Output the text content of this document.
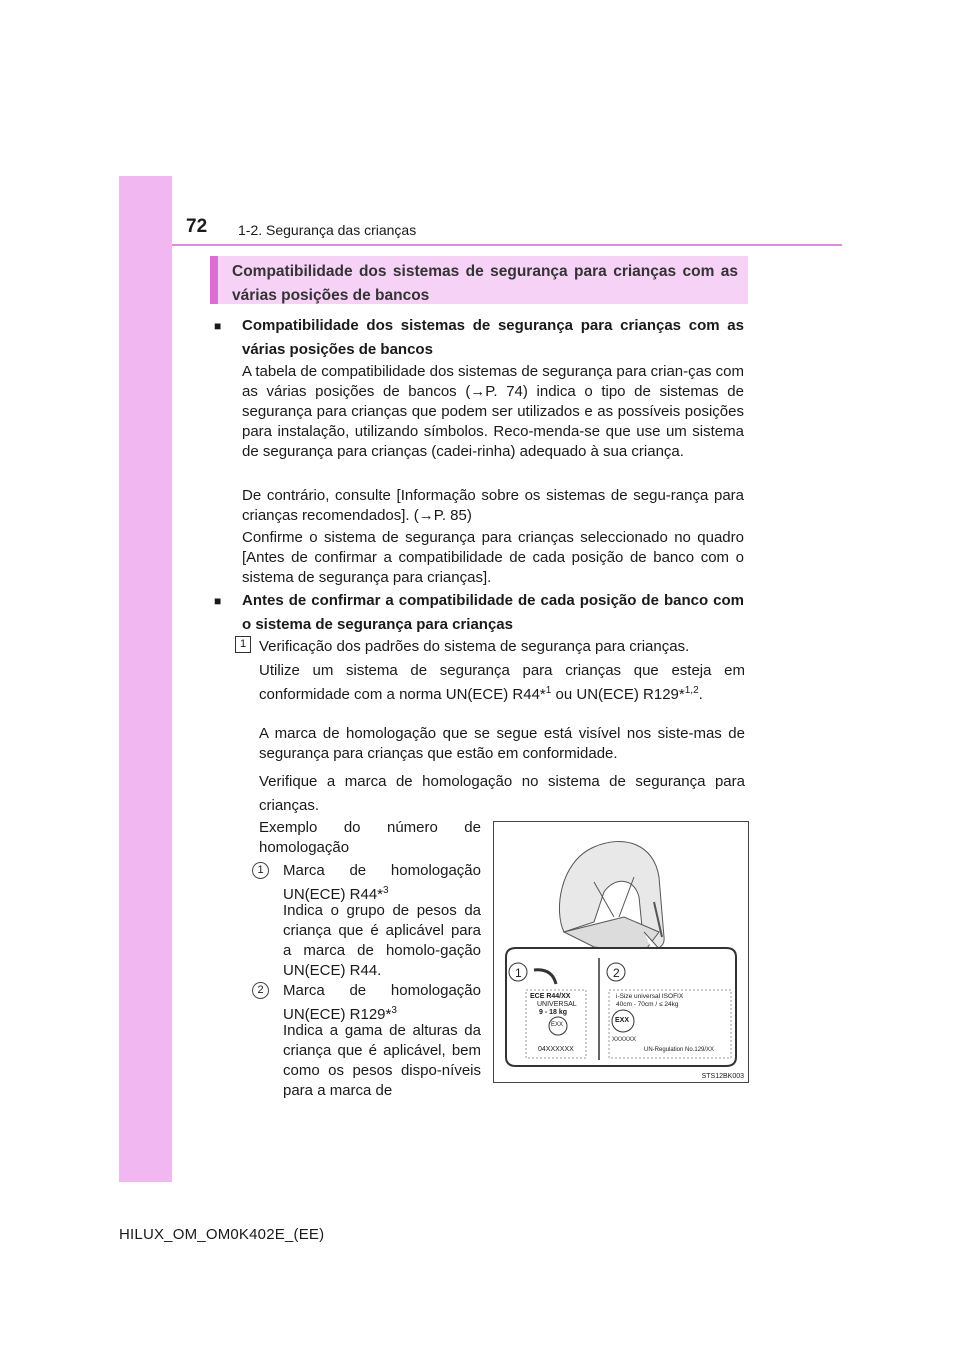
72 1-2. Segurança das crianças
Compatibilidade dos sistemas de segurança para crianças com as várias posições de bancos
■ Compatibilidade dos sistemas de segurança para crianças com as várias posições de bancos
A tabela de compatibilidade dos sistemas de segurança para crian-ças com as várias posições de bancos (→P. 74) indica o tipo de sistemas de segurança para crianças que podem ser utilizados e as possíveis posições para instalação, utilizando símbolos. Reco-menda-se que use um sistema de segurança para crianças (cadei-rinha) adequado à sua criança.
De contrário, consulte [Informação sobre os sistemas de segu-rança para crianças recomendados]. (→P. 85)
Confirme o sistema de segurança para crianças seleccionado no quadro [Antes de confirmar a compatibilidade de cada posição de banco com o sistema de segurança para crianças].
■ Antes de confirmar a compatibilidade de cada posição de banco com o sistema de segurança para crianças
1 Verificação dos padrões do sistema de segurança para crianças.
Utilize um sistema de segurança para crianças que esteja em conformidade com a norma UN(ECE) R44*$^1$ ou UN(ECE) R129*$^{1,2}$.
A marca de homologação que se segue está visível nos siste-mas de segurança para crianças que estão em conformidade.
Verifique a marca de homologação no sistema de segurança para crianças.
Exemplo do número de homologação
1	Marca de homologação UN(ECE) R44*$^3$
Indica o grupo de pesos da criança que é aplicável para a marca de homolo-gação UN(ECE) R44.
2	Marca de homologação UN(ECE) R129*$^3$
Indica a gama de alturas da criança que é aplicável, bem como os pesos dispo-níveis para a marca de
1	2
ECE R44/XX
UNIVERSAL
9 - 18 kg
EXX
04XXXXXX
i-Size universal ISOFIX
40cm - 70cm / ≤ 24kg
EXX
XXXXXX
UN-Regulation No.129/XX
STS12BK003
HILUX_OM_OM0K402E_(EE)
